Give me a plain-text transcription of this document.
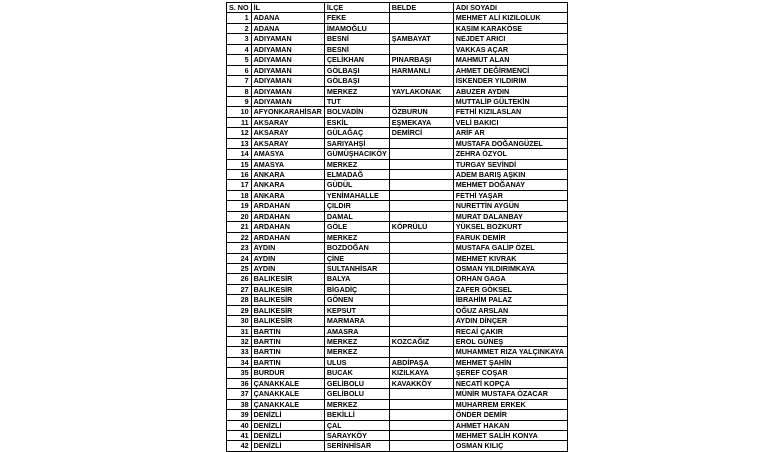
S. NO	İL	İLÇE	BELDE	ADI SOYADI
1	ADANA	FEKE		MEHMET ALİ KIZILOLUK
2	ADANA	İMAMOĞLU		KASIM KARAKÖSE
3	ADIYAMAN	BESNİ	ŞAMBAYAT	NEJDET ARICI
4	ADIYAMAN	BESNİ		VAKKAS AÇAR
5	ADIYAMAN	ÇELİKHAN	PINARBAŞI	MAHMUT ALAN
6	ADIYAMAN	GÖLBAŞI	HARMANLI	AHMET DEĞİRMENCİ
7	ADIYAMAN	GÖLBAŞI		İSKENDER YILDIRIM
8	ADIYAMAN	MERKEZ	YAYLAKONAK	ABUZER AYDIN
9	ADIYAMAN	TUT		MUTTALİP GÜLTEKİN
10	AFYONKARAHİSAR	BOLVADİN	ÖZBURUN	FETHİ KIZILASLAN
11	AKSARAY	ESKİL	EŞMEKAYA	VELİ BAKICI
12	AKSARAY	GÜLAĞAÇ	DEMİRCİ	ARİF AR
13	AKSARAY	SARIYAHŞİ		MUSTAFA DOĞANGÜZEL
14	AMASYA	GÜMÜŞHACIKÖY		ZEHRA ÖZYOL
15	AMASYA	MERKEZ		TURGAY SEVİNDİ
16	ANKARA	ELMADAĞ		ADEM BARIŞ AŞKIN
17	ANKARA	GÜDÜL		MEHMET DOĞANAY
18	ANKARA	YENİMAHALLE		FETHİ YAŞAR
19	ARDAHAN	ÇILDIR		NURETTİN AYGÜN
20	ARDAHAN	DAMAL		MURAT DALANBAY
21	ARDAHAN	GÖLE	KÖPRÜLÜ	YÜKSEL BOZKURT
22	ARDAHAN	MERKEZ		FARUK DEMİR
23	AYDIN	BOZDOĞAN		MUSTAFA GALİP ÖZEL
24	AYDIN	ÇİNE		MEHMET KIVRAK
25	AYDIN	SULTANHİSAR		OSMAN YILDIRIMKAYA
26	BALIKESİR	BALYA		ORHAN GAGA
27	BALIKESİR	BİGADİÇ		ZAFER GÖKSEL
28	BALIKESİR	GÖNEN		İBRAHİM PALAZ
29	BALIKESİR	KEPSUT		OĞUZ ARSLAN
30	BALIKESİR	MARMARA		AYDIN DİNÇER
31	BARTIN	AMASRA		RECAİ ÇAKIR
32	BARTIN	MERKEZ	KOZCAĞIZ	EROL GÜNEŞ
33	BARTIN	MERKEZ		MUHAMMET RIZA YALÇINKAYA
34	BARTIN	ULUS	ABDİPAŞA	MEHMET ŞAHİN
35	BURDUR	BUCAK	KIZILKAYA	ŞEREF COŞAR
36	ÇANAKKALE	GELİBOLU	KAVAKKÖY	NECATİ KOPÇA
37	ÇANAKKALE	GELİBOLU		MÜNİR MUSTAFA ÖZACAR
38	ÇANAKKALE	MERKEZ		MUHARREM ERKEK
39	DENİZLİ	BEKİLLİ		ÖNDER DEMİR
40	DENİZLİ	ÇAL		AHMET HAKAN
41	DENİZLİ	SARAYKÖY		MEHMET SALİH KONYA
42	DENİZLİ	SERİNHİSAR		OSMAN KILIÇ
